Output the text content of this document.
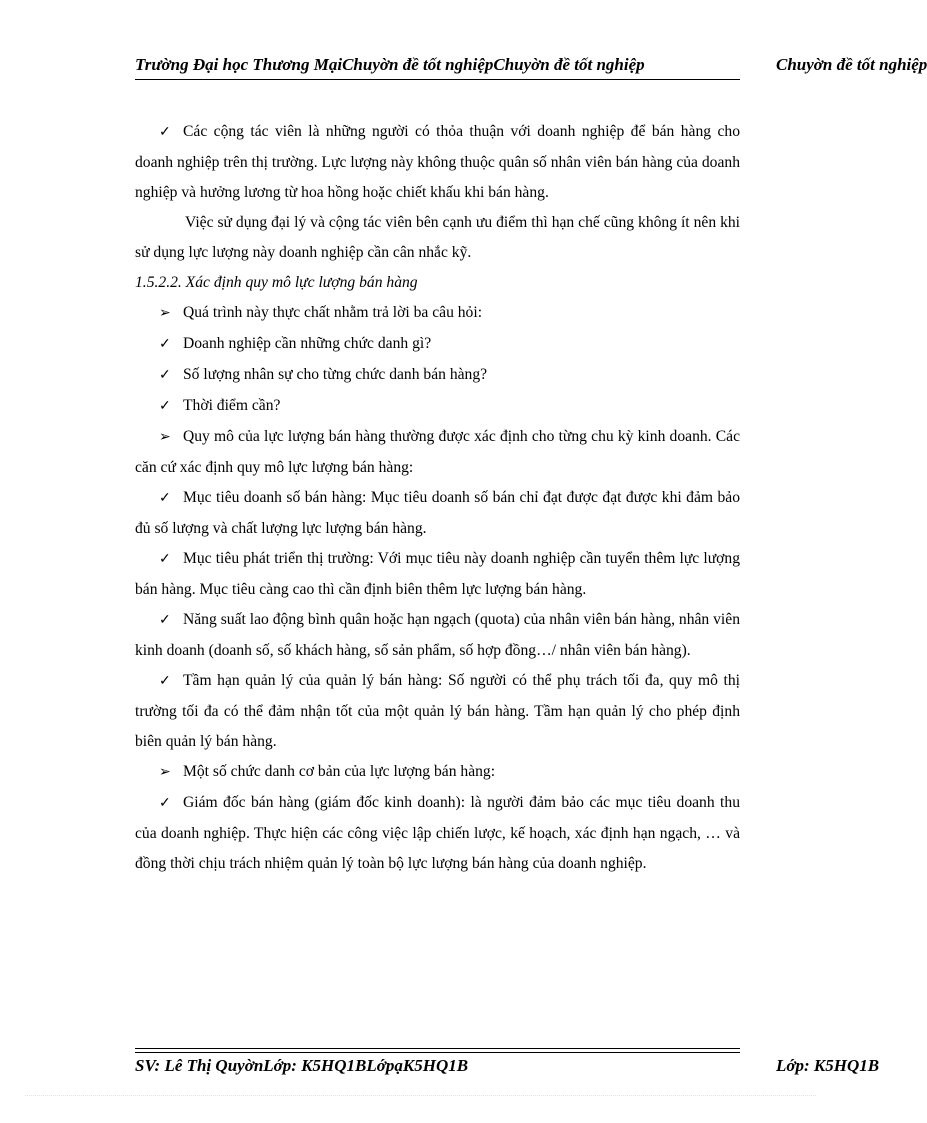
Trường Đại học Thương MạiChuyờn đề tốt nghiệpChuyờn đề tốt nghiệp	Chuyờn đề tốt nghiệp

✓ Các cộng tác viên là những người có thỏa thuận với doanh nghiệp để bán hàng cho doanh nghiệp trên thị trường. Lực lượng này không thuộc quân số nhân viên bán hàng của doanh nghiệp và hưởng lương từ hoa hồng hoặc chiết khấu khi bán hàng.

Việc sử dụng đại lý và cộng tác viên bên cạnh ưu điểm thì hạn chế cũng không ít nên khi sử dụng lực lượng này doanh nghiệp cần cân nhắc kỹ.

1.5.2.2. Xác định quy mô lực lượng bán hàng

➢ Quá trình này thực chất nhằm trả lời ba câu hỏi:

✓ Doanh nghiệp cần những chức danh gì?

✓ Số lượng nhân sự cho từng chức danh bán hàng?

✓ Thời điểm cần?

➢ Quy mô của lực lượng bán hàng thường được xác định cho từng chu kỳ kinh doanh. Các căn cứ xác định quy mô lực lượng bán hàng:

✓ Mục tiêu doanh số bán hàng: Mục tiêu doanh số bán chỉ đạt được đạt được khi đảm bảo đủ số lượng và chất lượng lực lượng bán hàng.

✓ Mục tiêu phát triển thị trường: Với mục tiêu này doanh nghiệp cần tuyển thêm lực lượng bán hàng. Mục tiêu càng cao thì cần định biên thêm lực lượng bán hàng.

✓ Năng suất lao động bình quân hoặc hạn ngạch (quota) của nhân viên bán hàng, nhân viên kinh doanh (doanh số, số khách hàng, số sản phẩm, số hợp đồng…/ nhân viên bán hàng).

✓ Tầm hạn quản lý của quản lý bán hàng: Số người có thể phụ trách tối đa, quy mô thị trường tối đa có thể đảm nhận tốt của một quản lý bán hàng. Tầm hạn quản lý cho phép định biên quản lý bán hàng.

➢ Một số chức danh cơ bản của lực lượng bán hàng:

✓ Giám đốc bán hàng (giám đốc kinh doanh): là người đảm bảo các mục tiêu doanh thu của doanh nghiệp. Thực hiện các công việc lập chiến lược, kế hoạch, xác định hạn ngạch, … và đồng thời chịu trách nhiệm quản lý toàn bộ lực lượng bán hàng của doanh nghiệp.

SV: Lê Thị QuyờnLớp: K5HQ1BLớpạK5HQ1B	Lớp: K5HQ1B
